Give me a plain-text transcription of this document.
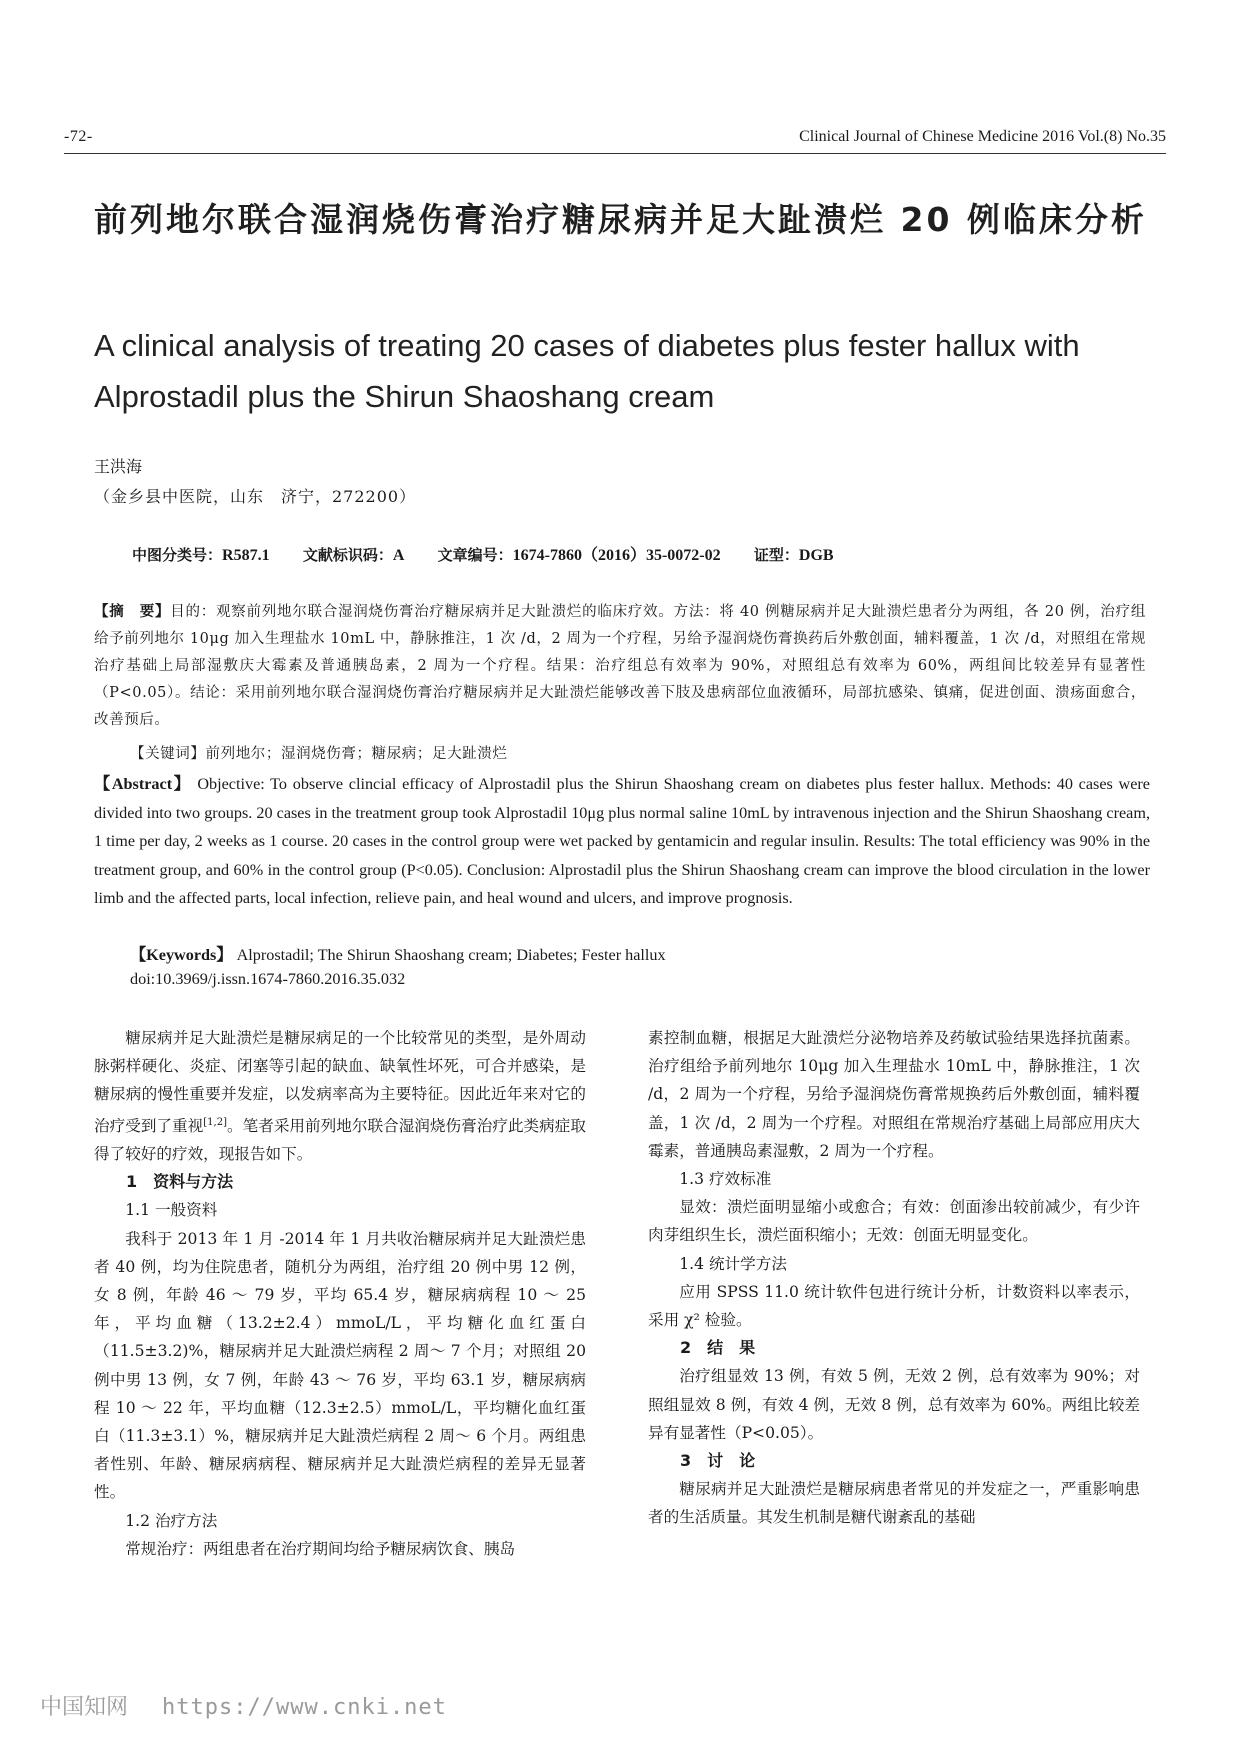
-72-	Clinical Journal of Chinese Medicine 2016 Vol.(8) No.35
前列地尔联合湿润烧伤膏治疗糖尿病并足大趾溃烂 20 例临床分析
A clinical analysis of treating 20 cases of diabetes plus fester hallux with Alprostadil plus the Shirun Shaoshang cream
王洪海
（金乡县中医院，山东　济宁，272200）
中图分类号：R587.1 文献标识码：A 文章编号：1674-7860（2016）35-0072-02 证型：DGB
【摘　要】目的：观察前列地尔联合湿润烧伤膏治疗糖尿病并足大趾溃烂的临床疗效。方法：将 40 例糖尿病并足大趾溃烂患者分为两组，各 20 例，治疗组给予前列地尔 10μg 加入生理盐水 10mL 中，静脉推注，1 次 /d，2 周为一个疗程，另给予湿润烧伤膏换药后外敷创面，辅料覆盖，1 次 /d，对照组在常规治疗基础上局部湿敷庆大霉素及普通胰岛素，2 周为一个疗程。结果：治疗组总有效率为 90%，对照组总有效率为 60%，两组间比较差异有显著性（P<0.05）。结论：采用前列地尔联合湿润烧伤膏治疗糖尿病并足大趾溃烂能够改善下肢及患病部位血液循环，局部抗感染、镇痛，促进创面、溃疡面愈合，改善预后。
【关键词】前列地尔；湿润烧伤膏；糖尿病；足大趾溃烂
【Abstract】 Objective: To observe clincial efficacy of Alprostadil plus the Shirun Shaoshang cream on diabetes plus fester hallux. Methods: 40 cases were divided into two groups. 20 cases in the treatment group took Alprostadil 10μg plus normal saline 10mL by intravenous injection and the Shirun Shaoshang cream, 1 time per day, 2 weeks as 1 course. 20 cases in the control group were wet packed by gentamicin and regular insulin. Results: The total efficiency was 90% in the treatment group, and 60% in the control group (P<0.05). Conclusion: Alprostadil plus the Shirun Shaoshang cream can improve the blood circulation in the lower limb and the affected parts, local infection, relieve pain, and heal wound and ulcers, and improve prognosis.
【Keywords】 Alprostadil; The Shirun Shaoshang cream; Diabetes; Fester hallux
doi:10.3969/j.issn.1674-7860.2016.35.032

糖尿病并足大趾溃烂是糖尿病足的一个比较常见的类型，是外周动脉粥样硬化、炎症、闭塞等引起的缺血、缺氧性坏死，可合并感染，是糖尿病的慢性重要并发症，以发病率高为主要特征。因此近年来对它的治疗受到了重视[1,2]。笔者采用前列地尔联合湿润烧伤膏治疗此类病症取得了较好的疗效，现报告如下。

1　资料与方法

1.1 一般资料

我科于 2013 年 1 月 -2014 年 1 月共收治糖尿病并足大趾溃烂患者 40 例，均为住院患者，随机分为两组，治疗组 20 例中男 12 例，女 8 例，年龄 46 ～ 79 岁，平均 65.4 岁，糖尿病病程 10 ～ 25 年，平均血糖（13.2±2.4）mmoL/L，平均糖化血红蛋白（11.5±3.2)%，糖尿病并足大趾溃烂病程 2 周～ 7 个月；对照组 20 例中男 13 例，女 7 例，年龄 43 ～ 76 岁，平均 63.1 岁，糖尿病病程 10 ～ 22 年，平均血糖（12.3±2.5）mmoL/L，平均糖化血红蛋白（11.3±3.1）%，糖尿病并足大趾溃烂病程 2 周～ 6 个月。两组患者性别、年龄、糖尿病病程、糖尿病并足大趾溃烂病程的差异无显著性。

1.2 治疗方法

常规治疗：两组患者在治疗期间均给予糖尿病饮食、胰岛

素控制血糖，根据足大趾溃烂分泌物培养及药敏试验结果选择抗菌素。治疗组给予前列地尔 10μg 加入生理盐水 10mL 中，静脉推注，1 次 /d，2 周为一个疗程，另给予湿润烧伤膏常规换药后外敷创面，辅料覆盖，1 次 /d，2 周为一个疗程。对照组在常规治疗基础上局部应用庆大霉素，普通胰岛素湿敷，2 周为一个疗程。

1.3 疗效标准

显效：溃烂面明显缩小或愈合；有效：创面渗出较前减少，有少许肉芽组织生长，溃烂面积缩小；无效：创面无明显变化。

1.4 统计学方法

应用 SPSS 11.0 统计软件包进行统计分析，计数资料以率表示，采用 χ² 检验。

2　结　果

治疗组显效 13 例，有效 5 例，无效 2 例，总有效率为 90%；对照组显效 8 例，有效 4 例，无效 8 例，总有效率为 60%。两组比较差异有显著性（P<0.05）。

3　讨　论

糖尿病并足大趾溃烂是糖尿病患者常见的并发症之一，严重影响患者的生活质量。其发生机制是糖代谢紊乱的基础

中国知网 https://www.cnki.net
